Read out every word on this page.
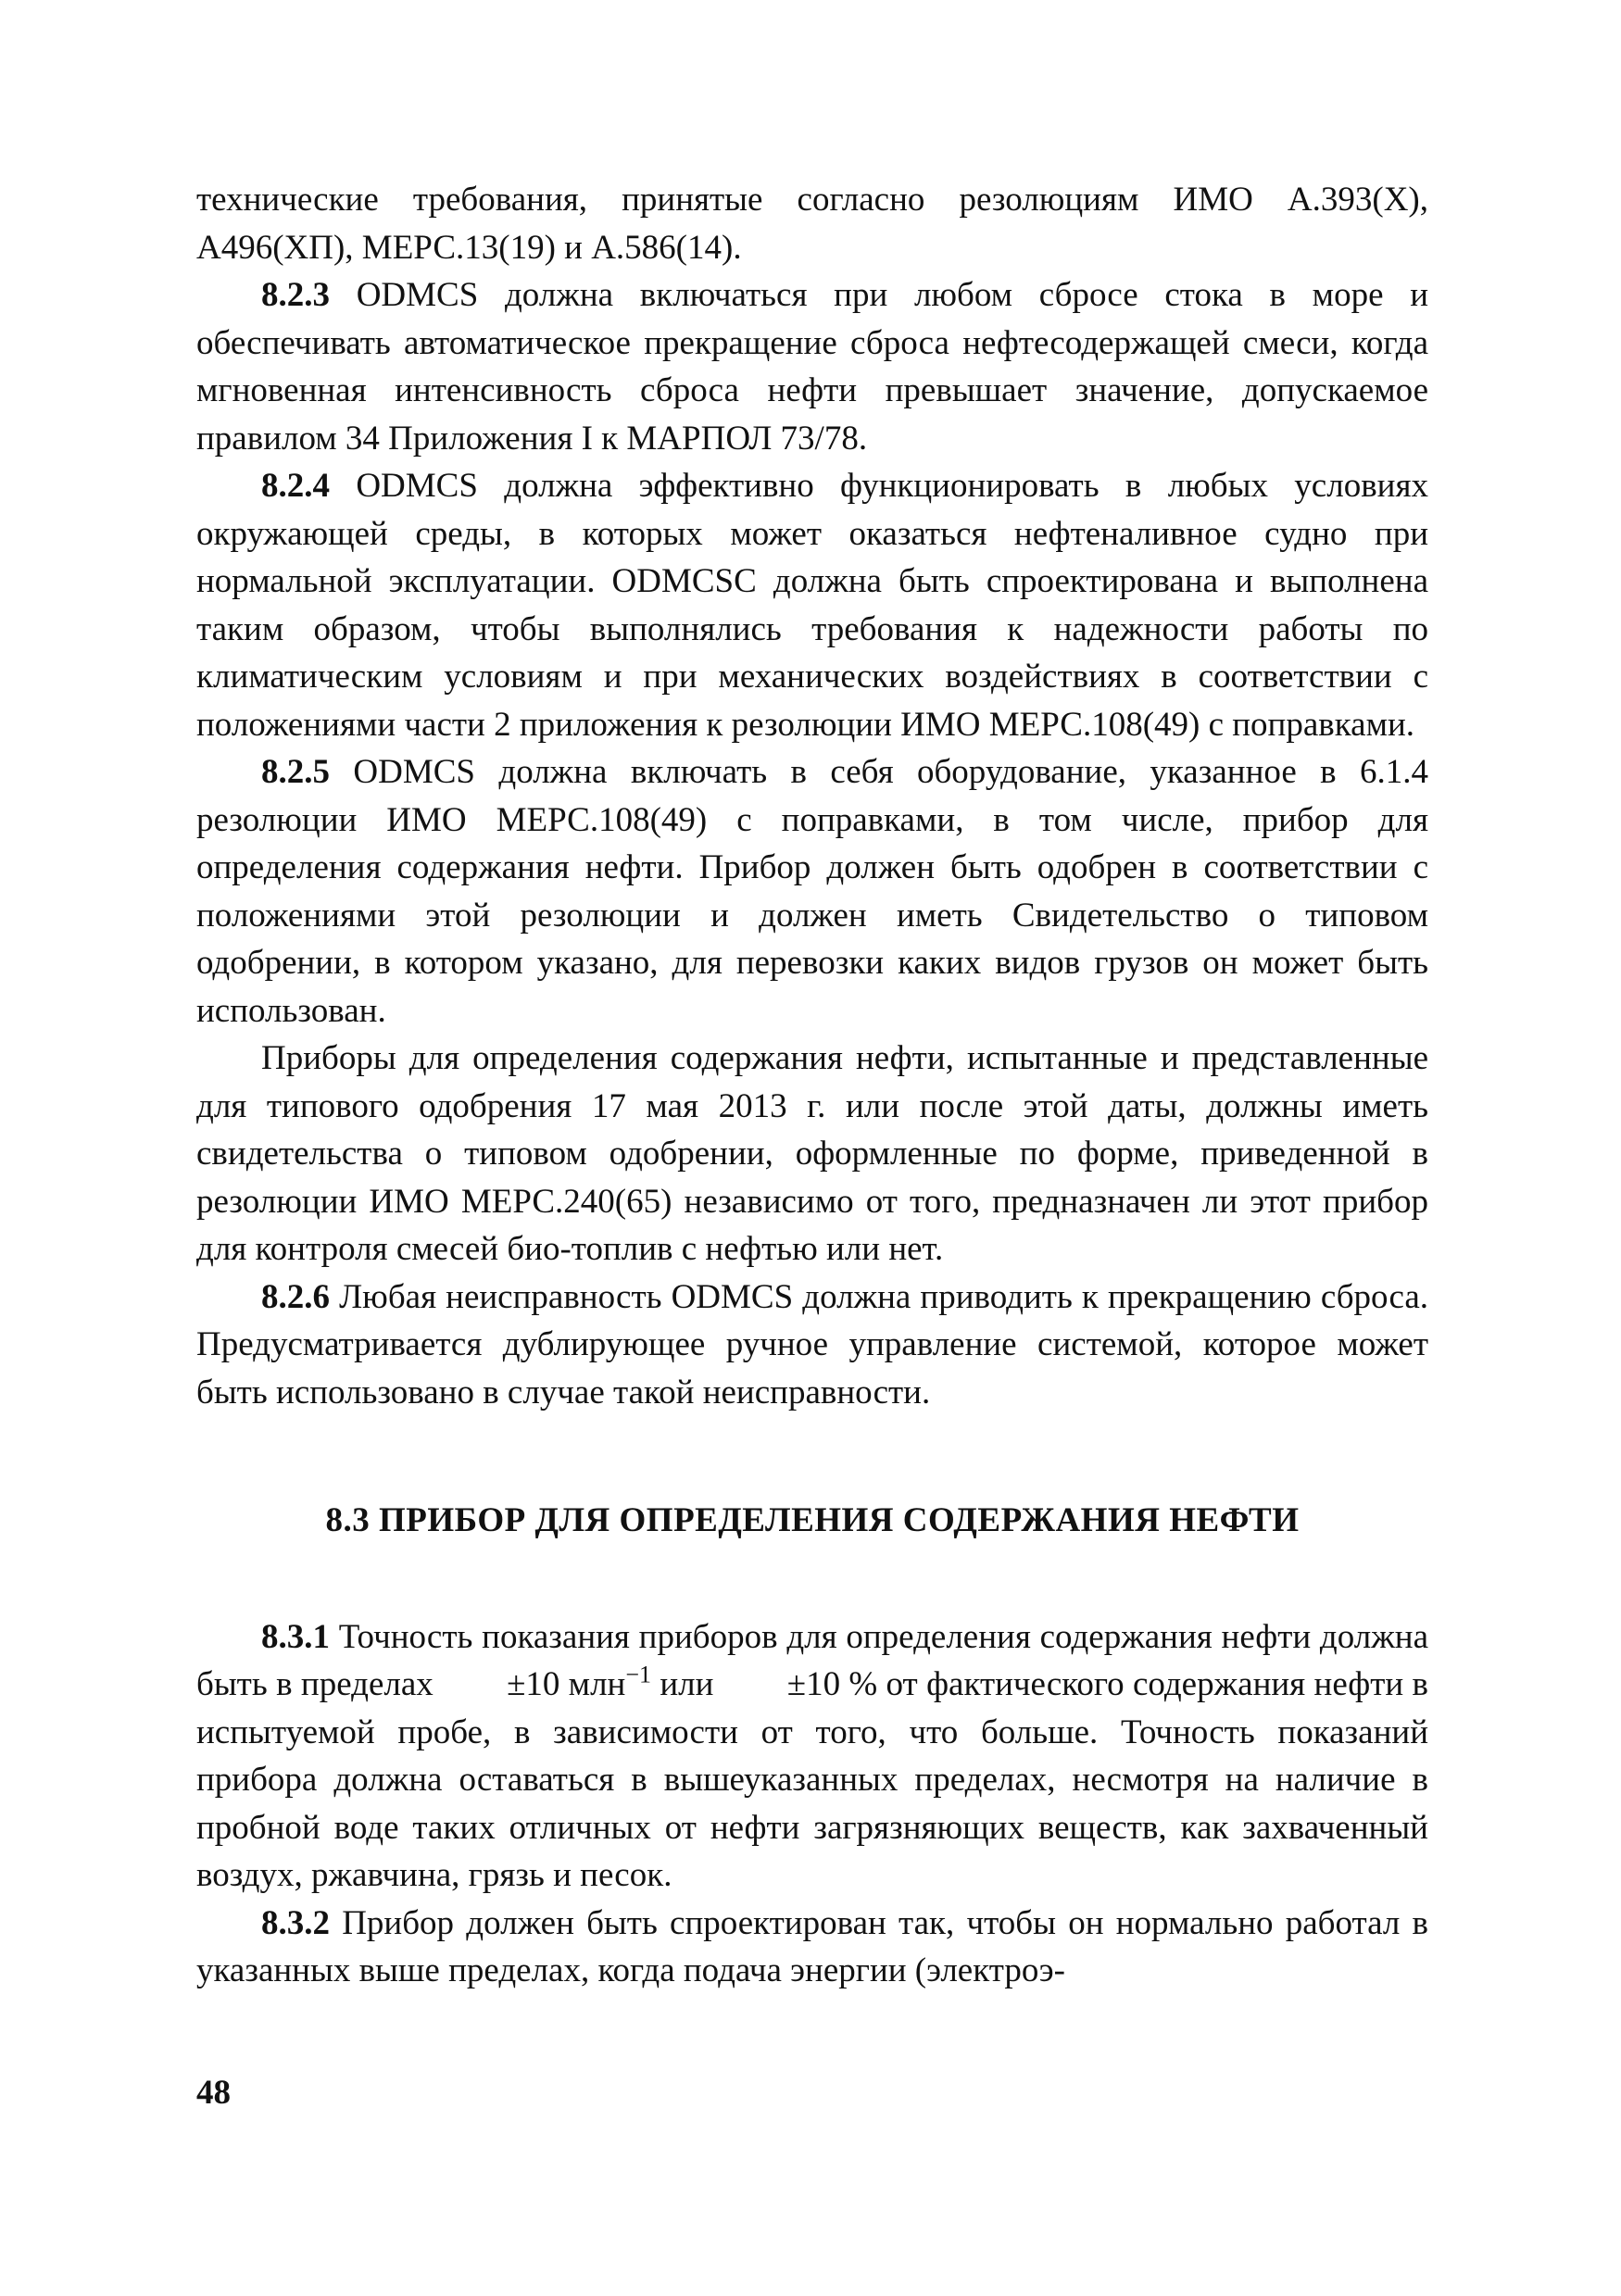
технические требования, принятые согласно резолюциям ИМО А.393(Х), А496(ХП), МЕРС.13(19) и А.586(14).

8.2.3 ODMCS должна включаться при любом сбросе стока в море и обеспечивать автоматическое прекращение сброса нефтесодержащей смеси, когда мгновенная интенсивность сброса нефти превышает значение, допускаемое правилом 34 Приложения I к МАРПОЛ 73/78.

8.2.4 ODMCS должна эффективно функционировать в любых условиях окружающей среды, в которых может оказаться нефтеналивное судно при нормальной эксплуатации. ODMCSC должна быть спроектирована и выполнена таким образом, чтобы выполнялись требования к надежности работы по климатическим условиям и при механических воздействиях в соответствии с положениями части 2 приложения к резолюции ИМО МЕРС.108(49) с поправками.

8.2.5 ODMCS должна включать в себя оборудование, указанное в 6.1.4 резолюции ИМО МЕРС.108(49) с поправками, в том числе, прибор для определения содержания нефти. Прибор должен быть одобрен в соответствии с положениями этой резолюции и должен иметь Свидетельство о типовом одобрении, в котором указано, для перевозки каких видов грузов он может быть использован.

Приборы для определения содержания нефти, испытанные и представленные для типового одобрения 17 мая 2013 г. или после этой даты, должны иметь свидетельства о типовом одобрении, оформленные по форме, приведенной в резолюции ИМО МЕРС.240(65) независимо от того, предназначен ли этот прибор для контроля смесей био-топлив с нефтью или нет.

8.2.6 Любая неисправность ODMCS должна приводить к прекращению сброса. Предусматривается дублирующее ручное управление системой, которое может быть использовано в случае такой неисправности.

8.3 ПРИБОР ДЛЯ ОПРЕДЕЛЕНИЯ СОДЕРЖАНИЯ НЕФТИ

8.3.1 Точность показания приборов для определения содержания нефти должна быть в пределах ±10 млн$^{-1}$ или ±10 % от фактического содержания нефти в испытуемой пробе, в зависимости от того, что больше. Точность показаний прибора должна оставаться в вышеуказанных пределах, несмотря на наличие в пробной воде таких отличных от нефти загрязняющих веществ, как захваченный воздух, ржавчина, грязь и песок.

8.3.2 Прибор должен быть спроектирован так, чтобы он нормально работал в указанных выше пределах, когда подача энергии (электроэ-

48
